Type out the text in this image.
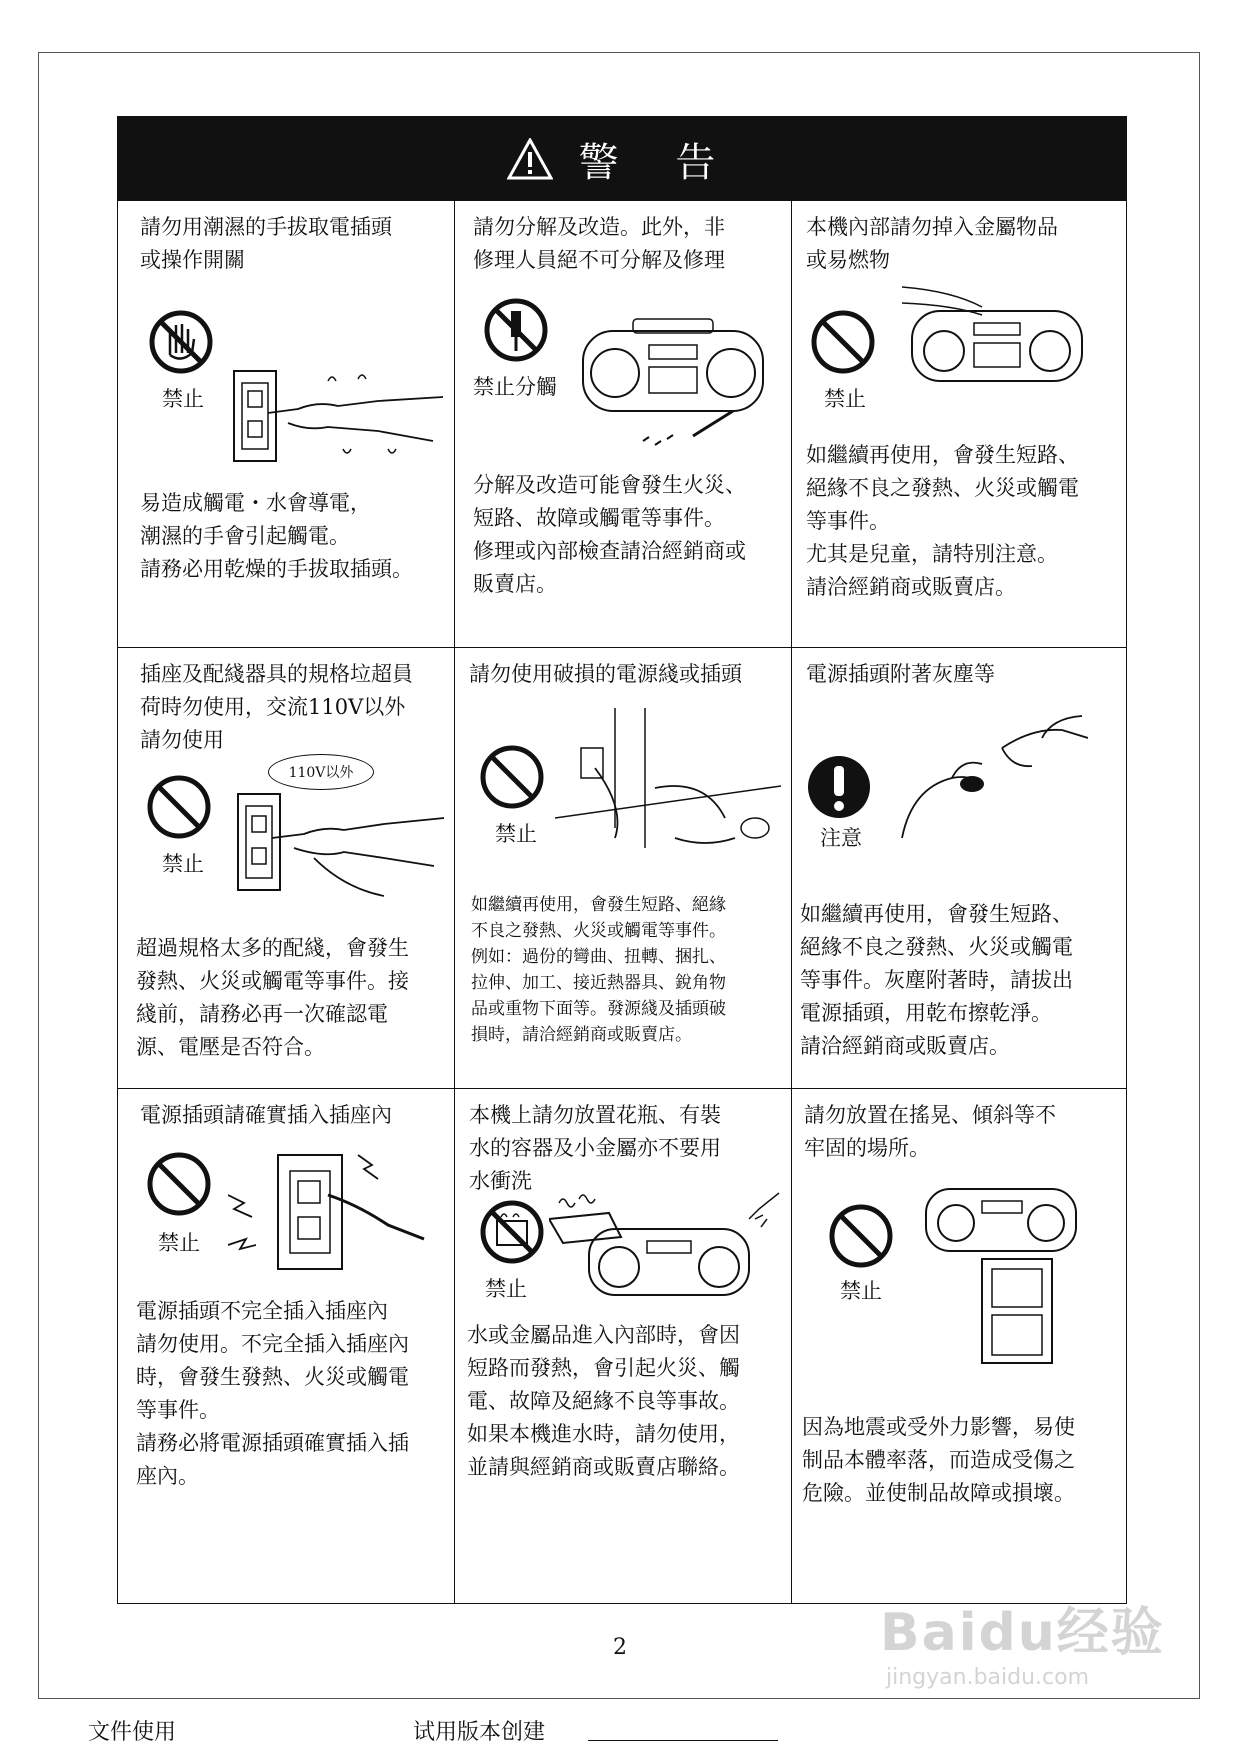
警 告
請勿用潮濕的手拔取電插頭
或操作開關
禁止
易造成觸電・水會導電，
潮濕的手會引起觸電。
請務必用乾燥的手拔取插頭。
請勿分解及改造。此外，非
修理人員絕不可分解及修理
禁止分觸
分解及改造可能會發生火災、
短路、故障或觸電等事件。
修理或內部檢查請洽經銷商或
販賣店。
本機內部請勿掉入金屬物品
或易燃物
禁止
如繼續再使用，會發生短路、
絕緣不良之發熱、火災或觸電
等事件。
尤其是兒童，請特別注意。
請洽經銷商或販賣店。
插座及配綫器具的規格垃超員
荷時勿使用，交流110V以外
請勿使用
禁止
110V以外
超過規格太多的配綫，會發生
發熱、火災或觸電等事件。接
綫前，請務必再一次確認電
源、電壓是否符合。
請勿使用破損的電源綫或插頭
禁止
如繼續再使用，會發生短路、絕緣
不良之發熱、火災或觸電等事件。
例如：過份的彎曲、扭轉、捆扎、
拉伸、加工、接近熱器具、銳角物
品或重物下面等。發源綫及插頭破
損時，請洽經銷商或販賣店。
電源插頭附著灰塵等
注意
如繼續再使用，會發生短路、
絕緣不良之發熱、火災或觸電
等事件。灰塵附著時，請拔出
電源插頭，用乾布擦乾淨。
請洽經銷商或販賣店。
電源插頭請確實插入插座內
禁止
電源插頭不完全插入插座內
請勿使用。不完全插入插座內
時，會發生發熱、火災或觸電
等事件。
請務必將電源插頭確實插入插
座內。
本機上請勿放置花瓶、有裝
水的容器及小金屬亦不要用
水衝洗
禁止
水或金屬品進入內部時，會因
短路而發熱，會引起火災、觸
電、故障及絕緣不良等事故。
如果本機進水時，請勿使用，
並請與經銷商或販賣店聯絡。
請勿放置在搖晃、傾斜等不
牢固的場所。
禁止
因為地震或受外力影響，易使
制品本體率落，而造成受傷之
危險。並使制品故障或損壞。
2
文件使用	试用版本创建
Baidu经验
jingyan.baidu.com
